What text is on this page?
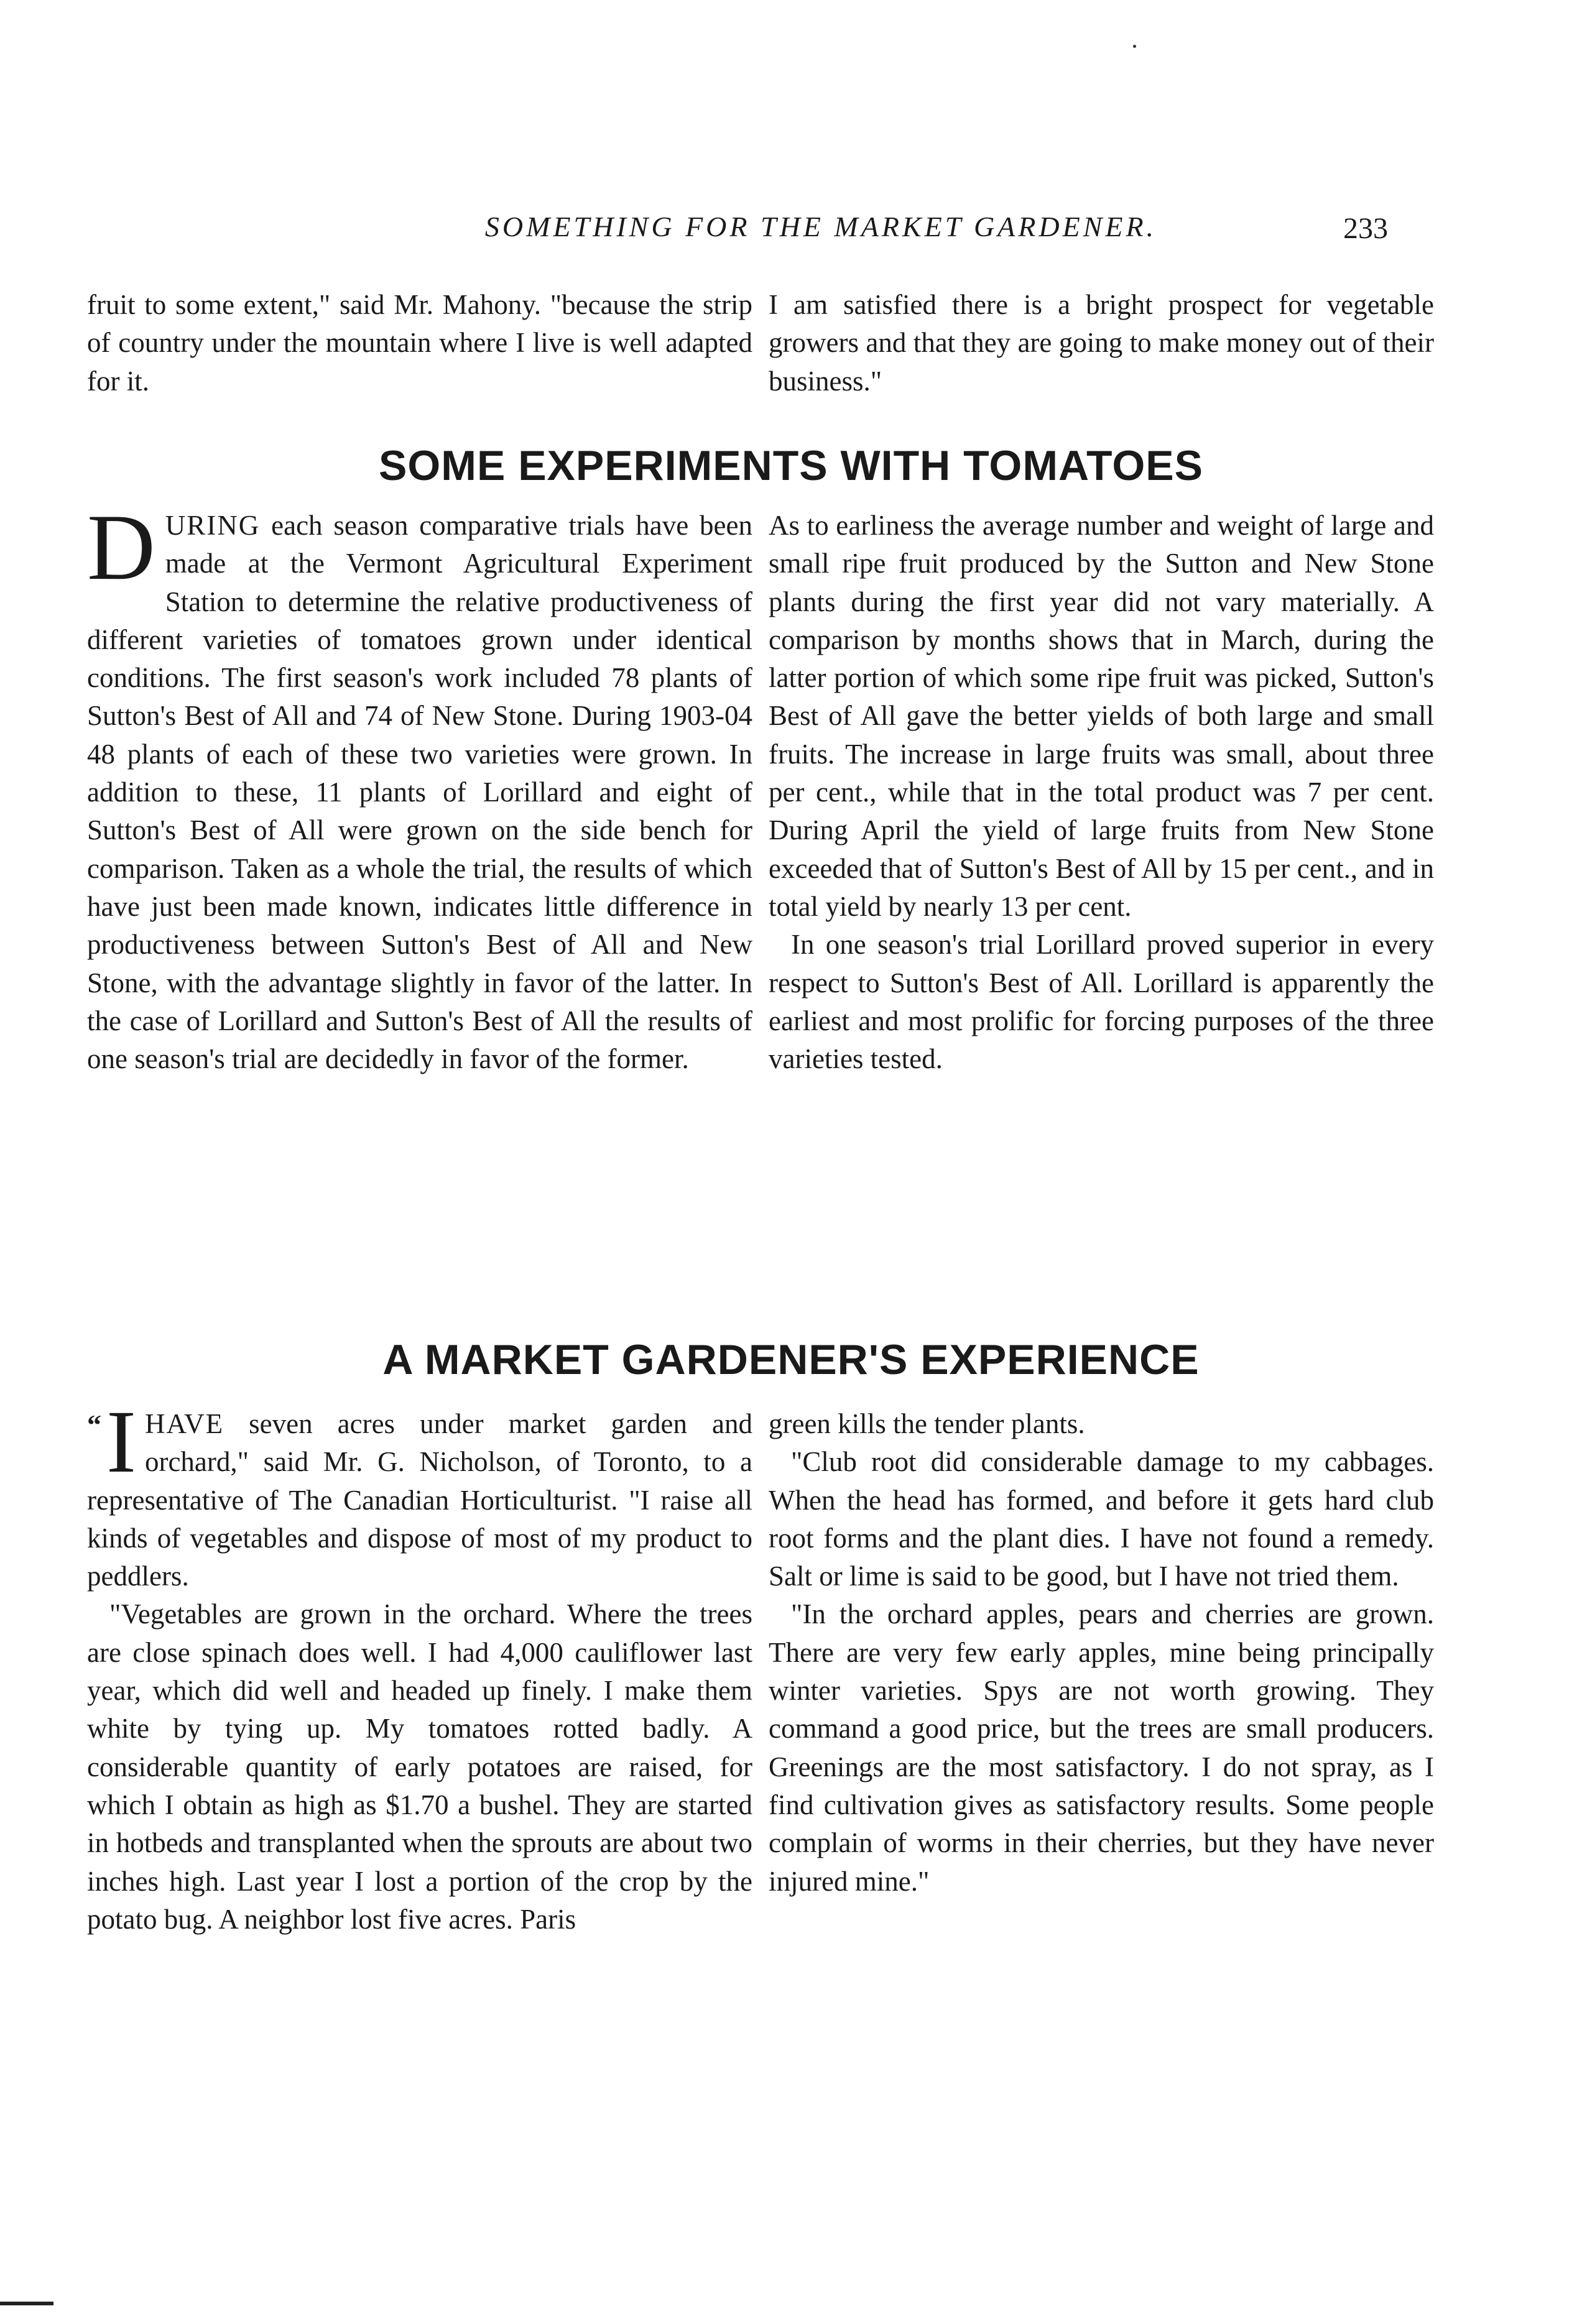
SOMETHING FOR THE MARKET GARDENER.	233

fruit to some extent," said Mr. Mahony. "because the strip of country under the mountain where I live is well adapted for it.

I am satisfied there is a bright prospect for vegetable growers and that they are going to make money out of their business."

SOME EXPERIMENTS WITH TOMATOES

DURING each season comparative trials have been made at the Vermont Agricultural Experiment Station to determine the relative productiveness of different varieties of tomatoes grown under identical conditions. The first season's work included 78 plants of Sutton's Best of All and 74 of New Stone. During 1903-04 48 plants of each of these two varieties were grown. In addition to these, 11 plants of Lorillard and eight of Sutton's Best of All were grown on the side bench for comparison. Taken as a whole the trial, the results of which have just been made known, indicates little difference in productiveness between Sutton's Best of All and New Stone, with the advantage slightly in favor of the latter. In the case of Lorillard and Sutton's Best of All the results of one season's trial are decidedly in favor of the former.

As to earliness the average number and weight of large and small ripe fruit produced by the Sutton and New Stone plants during the first year did not vary materially. A comparison by months shows that in March, during the latter portion of which some ripe fruit was picked, Sutton's Best of All gave the better yields of both large and small fruits. The increase in large fruits was small, about three per cent., while that in the total product was 7 per cent. During April the yield of large fruits from New Stone exceeded that of Sutton's Best of All by 15 per cent., and in total yield by nearly 13 per cent.

In one season's trial Lorillard proved superior in every respect to Sutton's Best of All. Lorillard is apparently the earliest and most prolific for forcing purposes of the three varieties tested.

A MARKET GARDENER'S EXPERIENCE

“ I HAVE seven acres under market garden and orchard," said Mr. G. Nicholson, of Toronto, to a representative of The Canadian Horticulturist. "I raise all kinds of vegetables and dispose of most of my product to peddlers.

"Vegetables are grown in the orchard. Where the trees are close spinach does well. I had 4,000 cauliflower last year, which did well and headed up finely. I make them white by tying up. My tomatoes rotted badly. A considerable quantity of early potatoes are raised, for which I obtain as high as $1.70 a bushel. They are started in hotbeds and transplanted when the sprouts are about two inches high. Last year I lost a portion of the crop by the potato bug. A neighbor lost five acres. Paris

green kills the tender plants.

"Club root did considerable damage to my cabbages. When the head has formed, and before it gets hard club root forms and the plant dies. I have not found a remedy. Salt or lime is said to be good, but I have not tried them.

"In the orchard apples, pears and cherries are grown. There are very few early apples, mine being principally winter varieties. Spys are not worth growing. They command a good price, but the trees are small producers. Greenings are the most satisfactory. I do not spray, as I find cultivation gives as satisfactory results. Some people complain of worms in their cherries, but they have never injured mine."
